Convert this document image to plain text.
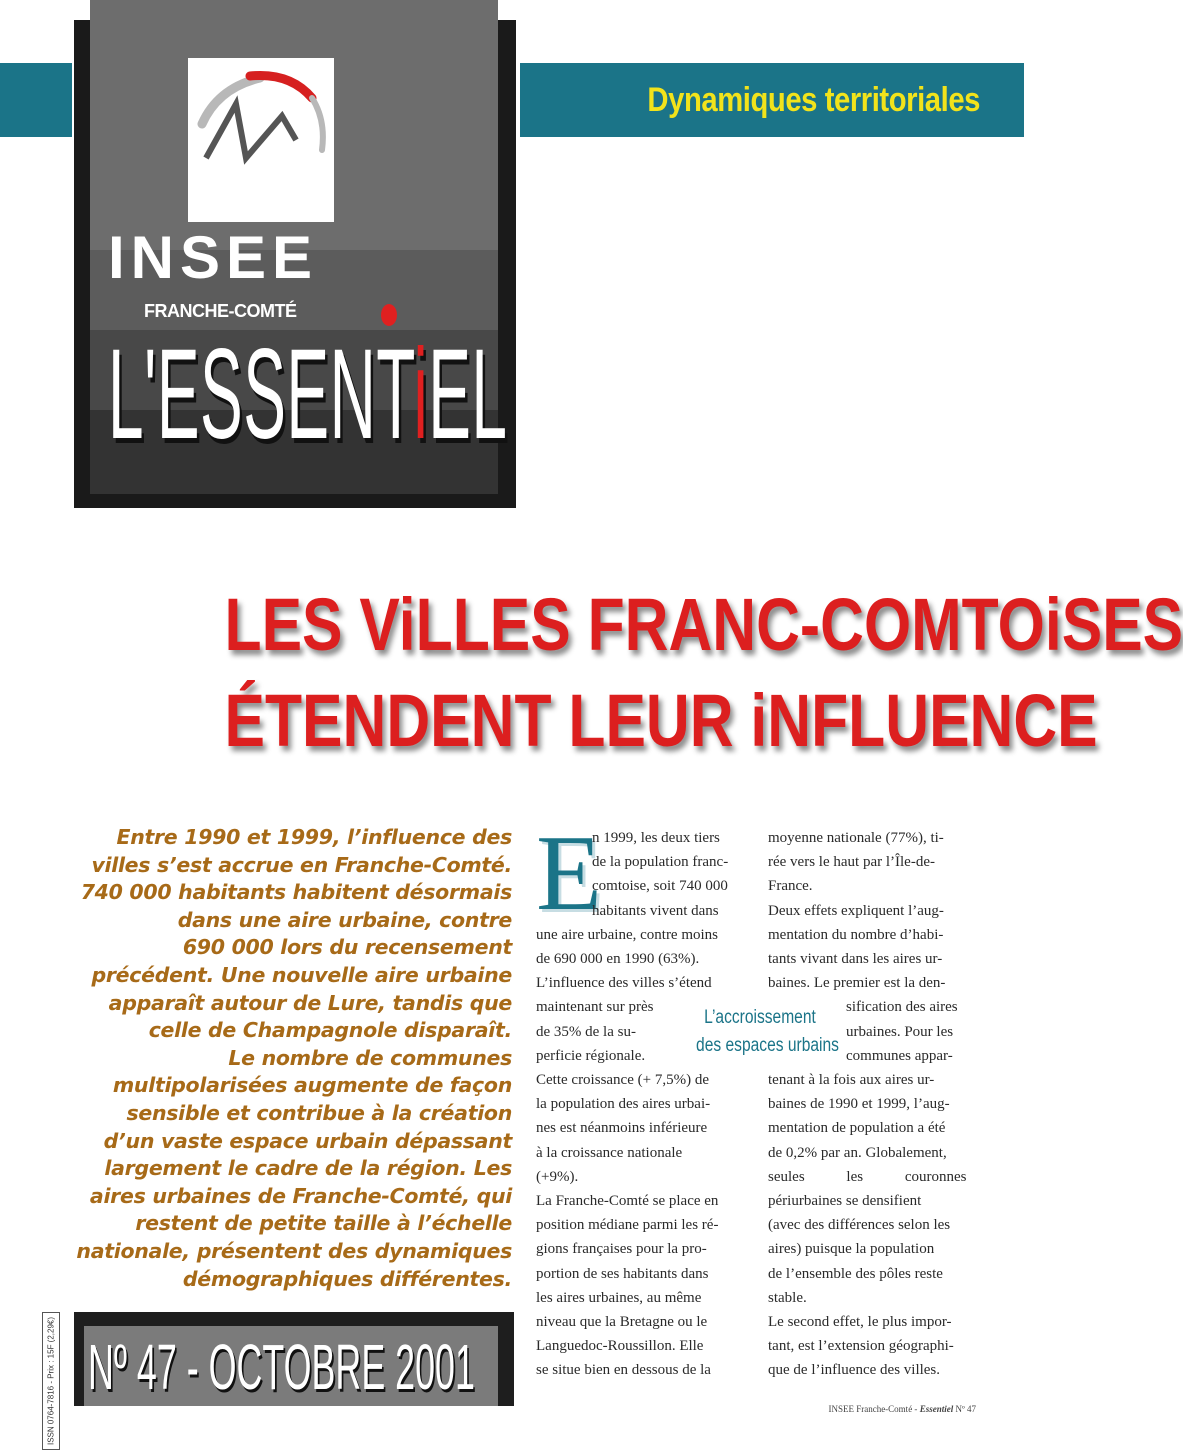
Dynamiques territoriales
INSEE
FRANCHE-COMTÉ
L'ESSENTiEL
LES ViLLES FRANC-COMTOiSES
ÉTENDENT LEUR iNFLUENCE
Entre 1990 et 1999, l’influence des
villes s’est accrue en Franche-Comté.
740 000 habitants habitent désormais
dans une aire urbaine, contre
690 000 lors du recensement
précédent. Une nouvelle aire urbaine
apparaît autour de Lure, tandis que
celle de Champagnole disparaît.
Le nombre de communes
multipolarisées augmente de façon
sensible et contribue à la création
d’un vaste espace urbain dépassant
largement le cadre de la région. Les
aires urbaines de Franche-Comté, qui
restent de petite taille à l’échelle
nationale, présentent des dynamiques
démographiques différentes.
E
n 1999, les deux tiers
de la population franc-
comtoise, soit 740 000
habitants vivent dans
une aire urbaine, contre moins
de 690 000 en 1990 (63%).
L’influence des villes s’étend
maintenant sur près
de 35% de la su-
perficie régionale.
Cette croissance (+ 7,5%) de
la population des aires urbai-
nes est néanmoins inférieure
à la croissance nationale
(+9%).
La Franche-Comté se place en
position médiane parmi les ré-
gions françaises pour la pro-
portion de ses habitants dans
les aires urbaines, au même
niveau que la Bretagne ou le
Languedoc-Roussillon. Elle
se situe bien en dessous de la
L’accroissement
des espaces urbains
moyenne nationale (77%), ti-
rée vers le haut par l’Île-de-
France.
Deux effets expliquent l’aug-
mentation du nombre d’habi-
tants vivant dans les aires ur-
baines. Le premier est la den-
sification des aires
urbaines. Pour les
communes appar-
tenant à la fois aux aires ur-
baines de 1990 et 1999, l’aug-
mentation de population a été
de 0,2% par an. Globalement,
seules les couronnes
périurbaines se densifient
(avec des différences selon les
aires) puisque la population
de l’ensemble des pôles reste
stable.
Le second effet, le plus impor-
tant, est l’extension géographi-
que de l’influence des villes.
Nº 47 - OCTOBRE 2001
ISSN 0764-7816 - Prix : 15F (2,29€)	INSEE Franche-Comté - Essentiel Nº 47
